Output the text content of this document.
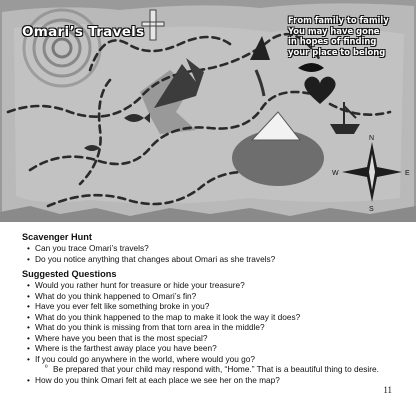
N
S
W	E
Omari’s Travels
From family to family
You may have gone
in hopes of finding
your place to belong
Scavenger Hunt
• Can you trace Omari’s travels?
• Do you notice anything that changes about Omari as she travels?
Suggested Questions
• Would you rather hunt for treasure or hide your treasure?
• What do you think happened to Omari’s fin?
• Have you ever felt like something broke in you?
• What do you think happened to the map to make it look the way it does?
• What do you think is missing from that torn area in the middle?
• Where have you been that is the most special?
• Where is the farthest away place you have been?
• If you could go anywhere in the world, where would you go?
º Be prepared that your child may respond with, “Home.” That is a beautiful thing to desire.
• How do you think Omari felt at each place we see her on the map?
11
